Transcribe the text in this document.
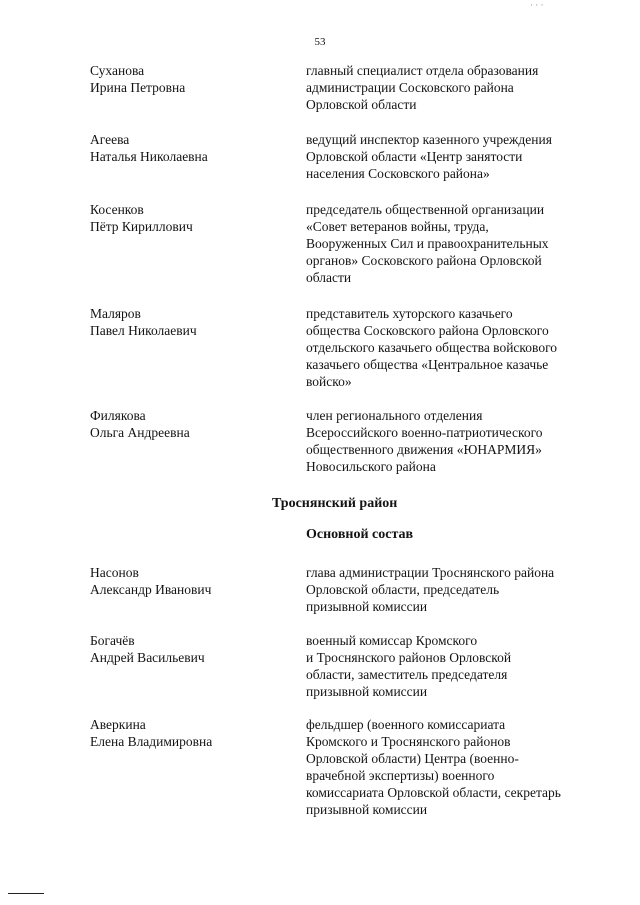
· · ·
53
Суханова
Ирина Петровна
главный специалист отдела образования
администрации Сосковского района
Орловской области
Агеева
Наталья Николаевна
ведущий инспектор казенного учреждения
Орловской области «Центр занятости
населения Сосковского района»
Косенков
Пётр Кириллович
председатель общественной организации
«Совет ветеранов войны, труда,
Вооруженных Сил и правоохранительных
органов» Сосковского района Орловской
области
Маляров
Павел Николаевич
представитель хуторского казачьего
общества Сосковского района Орловского
отдельского казачьего общества войскового
казачьего общества «Центральное казачье
войско»
Филякова
Ольга Андреевна
член регионального отделения
Всероссийского военно-патриотического
общественного движения «ЮНАРМИЯ»
Новосильского района
Троснянский район
Основной состав
Насонов
Александр Иванович
глава администрации Троснянского района
Орловской области, председатель
призывной комиссии
Богачёв
Андрей Васильевич
военный комиссар Кромского
и Троснянского районов Орловской
области, заместитель председателя
призывной комиссии
Аверкина
Елена Владимировна
фельдшер (военного комиссариата
Кромского и Троснянского районов
Орловской области) Центра (военно-
врачебной экспертизы) военного
комиссариата Орловской области, секретарь
призывной комиссии
